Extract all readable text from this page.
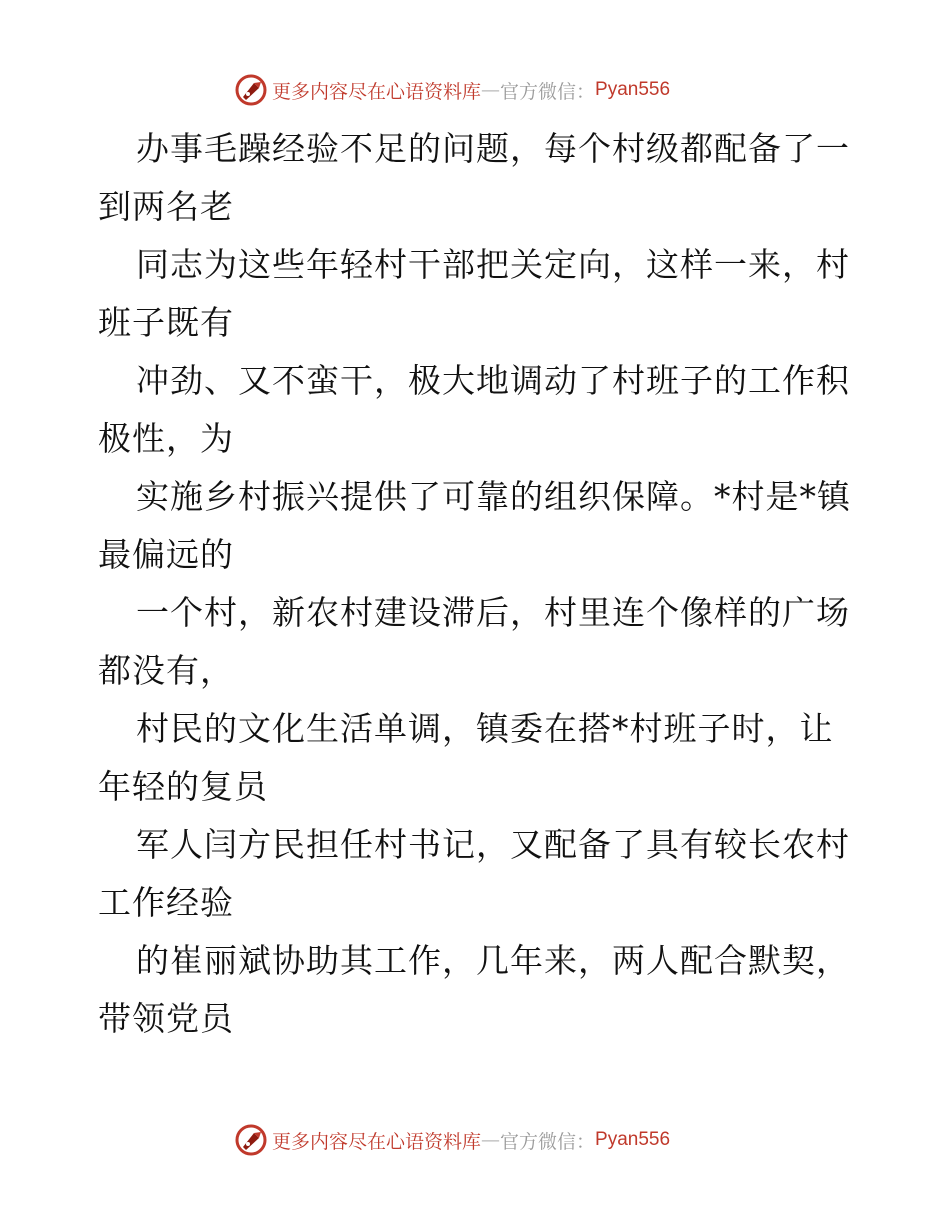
更多内容尽在心语资料库 — 官方微信： Pyan556
办事毛躁经验不足的问题，每个村级都配备了一
到两名老
同志为这些年轻村干部把关定向，这样一来，村
班子既有
冲劲、又不蛮干，极大地调动了村班子的工作积
极性，为
实施乡村振兴提供了可靠的组织保障。*村是*镇
最偏远的
一个村，新农村建设滞后，村里连个像样的广场
都没有，
村民的文化生活单调，镇委在搭*村班子时，让
年轻的复员
军人闫方民担任村书记，又配备了具有较长农村
工作经验
的崔丽斌协助其工作，几年来，两人配合默契，
带领党员
更多内容尽在心语资料库 — 官方微信： Pyan556
